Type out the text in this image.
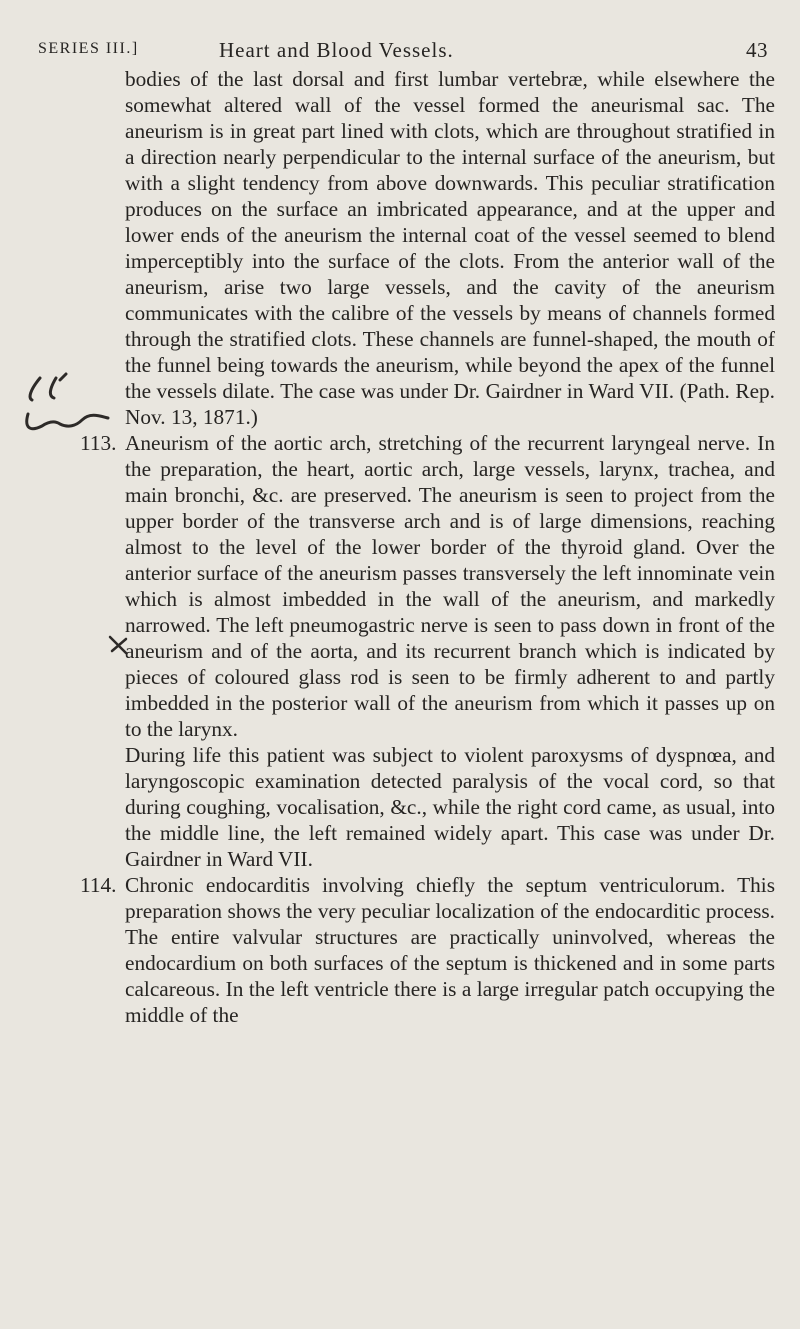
SERIES III.]	Heart and Blood Vessels.	43

bodies of the last dorsal and first lumbar vertebræ, while elsewhere the somewhat altered wall of the vessel formed the aneurismal sac. The aneurism is in great part lined with clots, which are throughout stratified in a direction nearly perpendicular to the internal surface of the aneurism, but with a slight tendency from above downwards. This peculiar stratification produces on the surface an imbricated appearance, and at the upper and lower ends of the aneurism the internal coat of the vessel seemed to blend imperceptibly into the surface of the clots. From the anterior wall of the aneurism, arise two large vessels, and the cavity of the aneurism communicates with the calibre of the vessels by means of channels formed through the stratified clots. These channels are funnel-shaped, the mouth of the funnel being towards the aneurism, while beyond the apex of the funnel the vessels dilate. The case was under Dr. Gairdner in Ward VII. (Path. Rep. Nov. 13, 1871.)

113. Aneurism of the aortic arch, stretching of the recurrent laryngeal nerve. In the preparation, the heart, aortic arch, large vessels, larynx, trachea, and main bronchi, &c. are preserved. The aneurism is seen to project from the upper border of the transverse arch and is of large dimensions, reaching almost to the level of the lower border of the thyroid gland. Over the anterior surface of the aneurism passes transversely the left innominate vein which is almost imbedded in the wall of the aneurism, and markedly narrowed. The left pneumogastric nerve is seen to pass down in front of the aneurism and of the aorta, and its recurrent branch which is indicated by pieces of coloured glass rod is seen to be firmly adherent to and partly imbedded in the posterior wall of the aneurism from which it passes up on to the larynx.

During life this patient was subject to violent paroxysms of dyspnœa, and laryngoscopic examination detected paralysis of the vocal cord, so that during coughing, vocalisation, &c., while the right cord came, as usual, into the middle line, the left remained widely apart. This case was under Dr. Gairdner in Ward VII.

114. Chronic endocarditis involving chiefly the septum ventriculorum. This preparation shows the very peculiar localization of the endocarditic process. The entire valvular structures are practically uninvolved, whereas the endocardium on both surfaces of the septum is thickened and in some parts calcareous. In the left ventricle there is a large irregular patch occupying the middle of the
